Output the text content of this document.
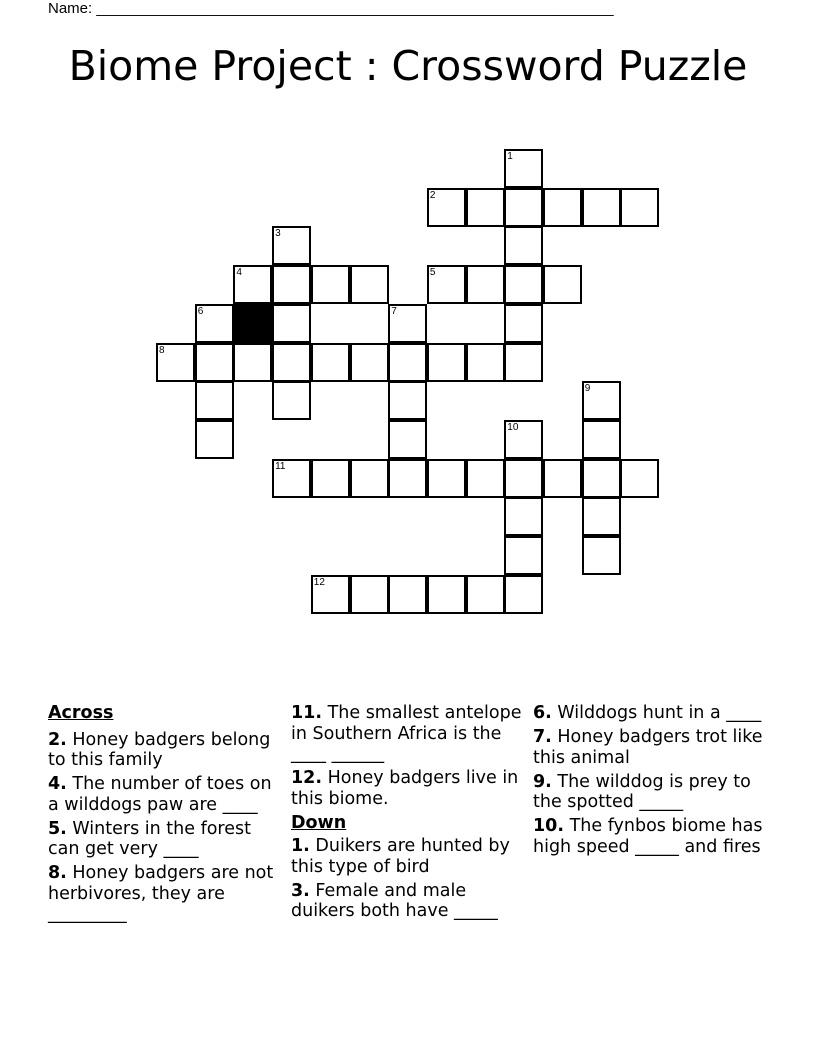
Name: ______________________________________________________________
Biome Project : Crossword Puzzle
1
2
3
4	5
6	7
8
9
10
11
12
Across
2. Honey badgers belong to this family
4. The number of toes on a wilddogs paw are ____
5. Winters in the forest can get very ____
8. Honey badgers are not herbivores, they are _________
11. The smallest antelope in Southern Africa is the ____ ______
12. Honey badgers live in this biome.
Down
1. Duikers are hunted by this type of bird
3. Female and male duikers both have _____
6. Wilddogs hunt in a ____
7. Honey badgers trot like this animal
9. The wilddog is prey to the spotted _____
10. The fynbos biome has high speed _____ and fires
